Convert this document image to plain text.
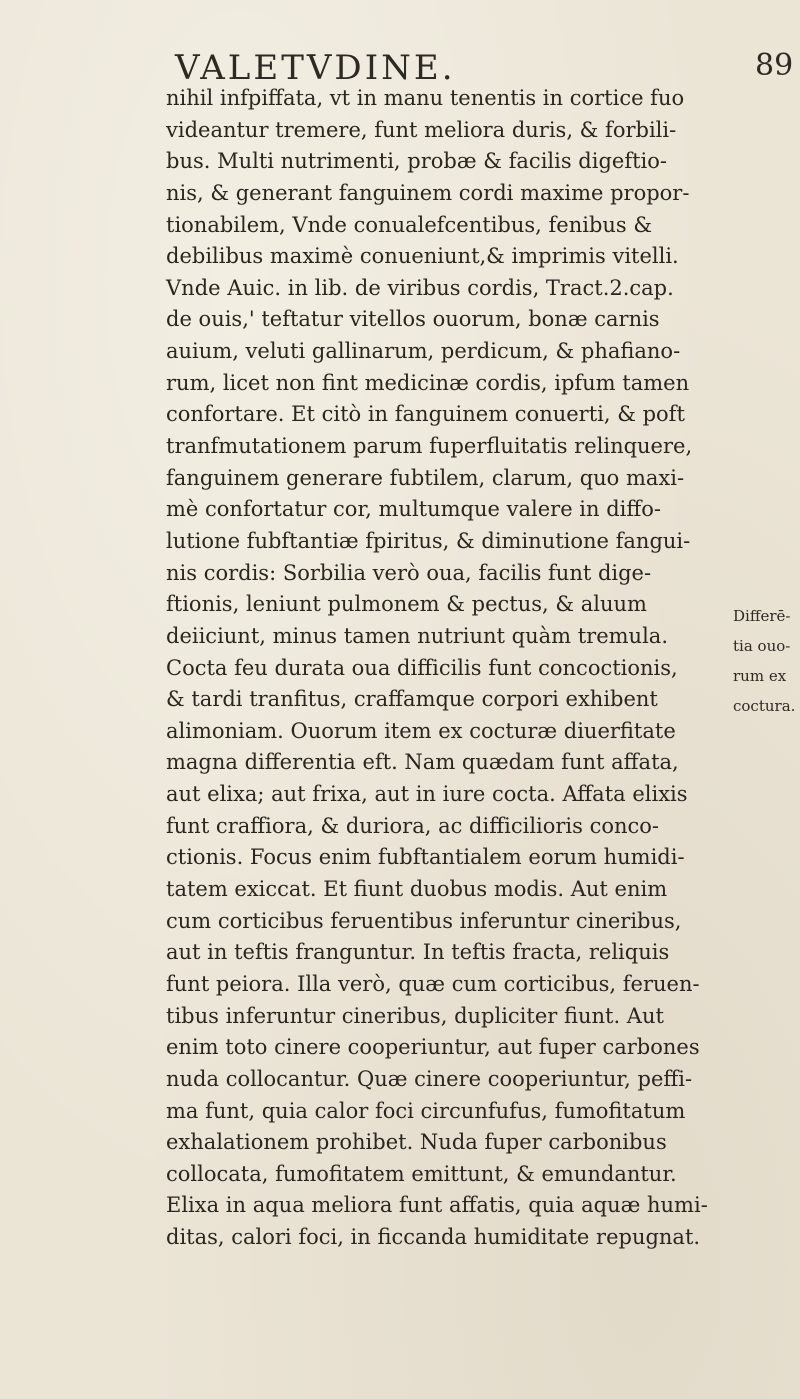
VALETVDINE.	89
nihil infpiffata, vt in manu tenentis in cortice fuo
videantur tremere, funt meliora duris, & forbili-
bus. Multi nutrimenti, probæ & facilis digeftio-
nis, & generant fanguinem cordi maxime propor-
tionabilem, Vnde conualefcentibus, fenibus &
debilibus maximè conueniunt,& imprimis vitelli.
Vnde Auic. in lib. de viribus cordis, Tract.2.cap.
de ouis,' teftatur vitellos ouorum, bonæ carnis
auium, veluti gallinarum, perdicum, & phafiano-
rum, licet non fint medicinæ cordis, ipfum tamen
confortare. Et citò in fanguinem conuerti, & poft
tranfmutationem parum fuperfluitatis relinquere,
fanguinem generare fubtilem, clarum, quo maxi-
mè confortatur cor, multumque valere in diffo-
lutione fubftantiæ fpiritus, & diminutione fangui-
nis cordis: Sorbilia verò oua, facilis funt dige-
ftionis, leniunt pulmonem & pectus, & aluum
deiiciunt, minus tamen nutriunt quàm tremula.
Cocta feu durata oua difficilis funt concoctionis,
& tardi tranfitus, craffamque corpori exhibent
alimoniam. Ouorum item ex cocturæ diuerfitate
magna differentia eft. Nam quædam funt affata,
aut elixa; aut frixa, aut in iure cocta. Affata elixis
funt craffiora, & duriora, ac difficilioris conco-
ctionis. Focus enim fubftantialem eorum humidi-
tatem exiccat. Et fiunt duobus modis. Aut enim
cum corticibus feruentibus inferuntur cineribus,
aut in teftis franguntur. In teftis fracta, reliquis
funt peiora. Illa verò, quæ cum corticibus, feruen-
tibus inferuntur cineribus, dupliciter fiunt. Aut
enim toto cinere cooperiuntur, aut fuper carbones
nuda collocantur. Quæ cinere cooperiuntur, peffi-
ma funt, quia calor foci circunfufus, fumofitatum
exhalationem prohibet. Nuda fuper carbonibus
collocata, fumofitatem emittunt, & emundantur.
Elixa in aqua meliora funt affatis, quia aquæ humi-
ditas, calori foci, in ficcanda humiditate repugnat.
Differē-
tia ouo-
rum ex
coctura.
